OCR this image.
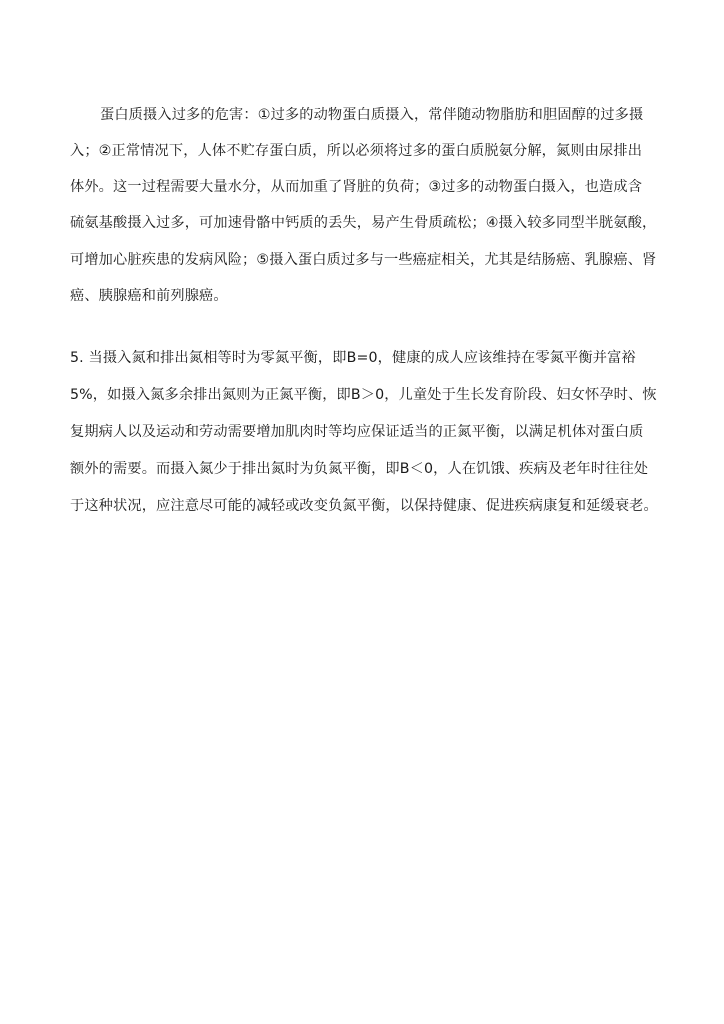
蛋白质摄入过多的危害：①过多的动物蛋白质摄入，常伴随动物脂肪和胆固醇的过多摄
入；②正常情况下，人体不贮存蛋白质，所以必须将过多的蛋白质脱氨分解，氮则由尿排出
体外。这一过程需要大量水分，从而加重了肾脏的负荷；③过多的动物蛋白摄入，也造成含
硫氨基酸摄入过多，可加速骨骼中钙质的丢失，易产生骨质疏松；④摄入较多同型半胱氨酸，
可增加心脏疾患的发病风险；⑤摄入蛋白质过多与一些癌症相关，尤其是结肠癌、乳腺癌、肾
癌、胰腺癌和前列腺癌。
5. 当摄入氮和排出氮相等时为零氮平衡，即B=0，健康的成人应该维持在零氮平衡并富裕
5%，如摄入氮多余排出氮则为正氮平衡，即B＞0，儿童处于生长发育阶段、妇女怀孕时、恢
复期病人以及运动和劳动需要增加肌肉时等均应保证适当的正氮平衡，以满足机体对蛋白质
额外的需要。而摄入氮少于排出氮时为负氮平衡，即B＜0，人在饥饿、疾病及老年时往往处
于这种状况，应注意尽可能的减轻或改变负氮平衡，以保持健康、促进疾病康复和延缓衰老。
